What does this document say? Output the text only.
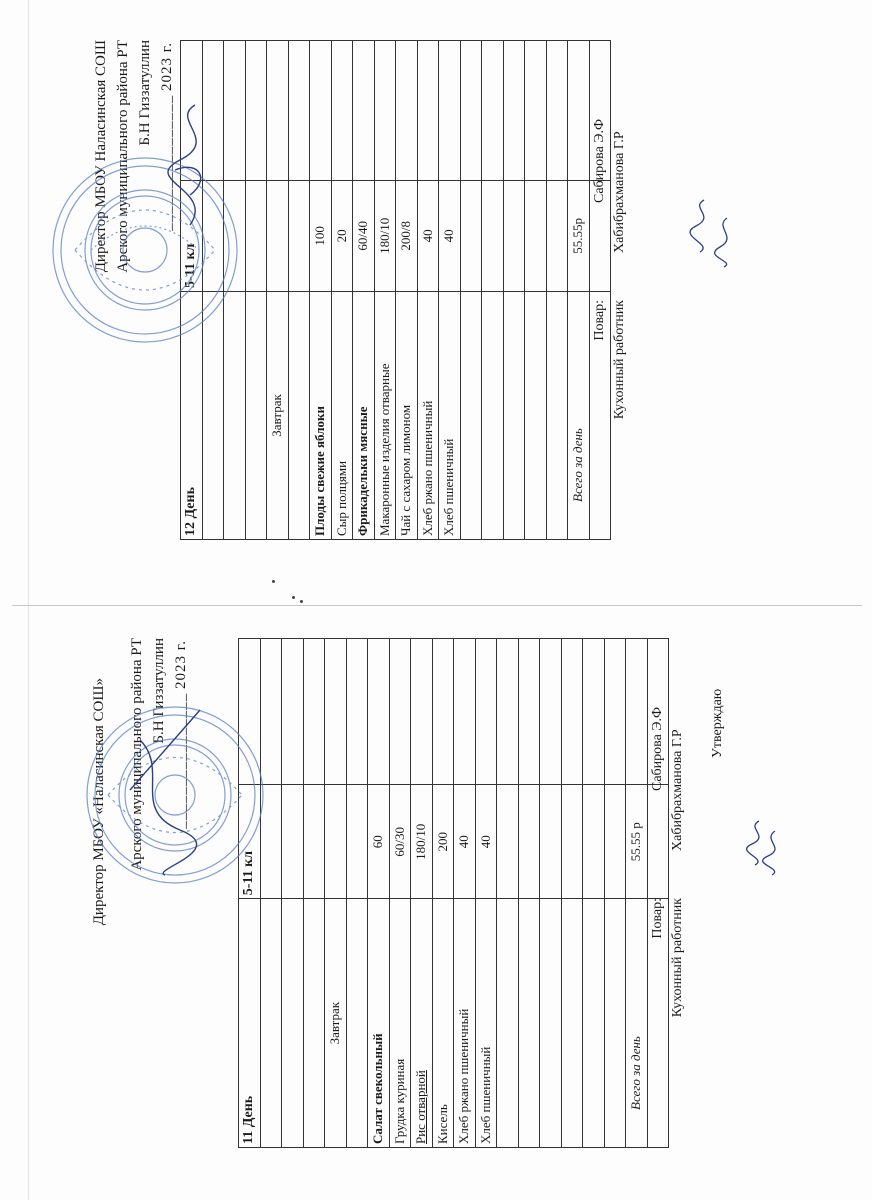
Директор МБОУ Наласинская СОШ Арского муниципального района РТ Б.Н Гиззатуллин
________________ 2023 г.
12 День	5-11 кл	

Завтрак		

Плоды свежие яблоки	100	
Сыр полцями	20	
Фрикадельки мясные	60/40	
Макаронные изделия отварные	180/10	
Чай с сахаром лимоном	200/8	
Хлеб ржано пшеничный	40	
Хлеб пшеничный	40	

Всего за день	55.55р	

Повар:  Сабирова Э.Ф
Кухонный работник  Хабибрахманова Г.Р
Директор МБОУ «Наласинская СОШ» Арского муниципального района РТ Б.Н Гиззатуллин
________________ 2023 г.
11 День	5-11 кл	

Завтрак		

Салат свекольный	60	
Грудка куриная	60/30	
Рис отварной	180/10	
Кисель	200	
Хлеб ржано пшеничный	40	
Хлеб пшеничный	40	

Всего за день	55.55 р	

Повар:  Сабирова Э.Ф
Кухонный работник  Хабибрахманова Г.Р
Утверждаю
